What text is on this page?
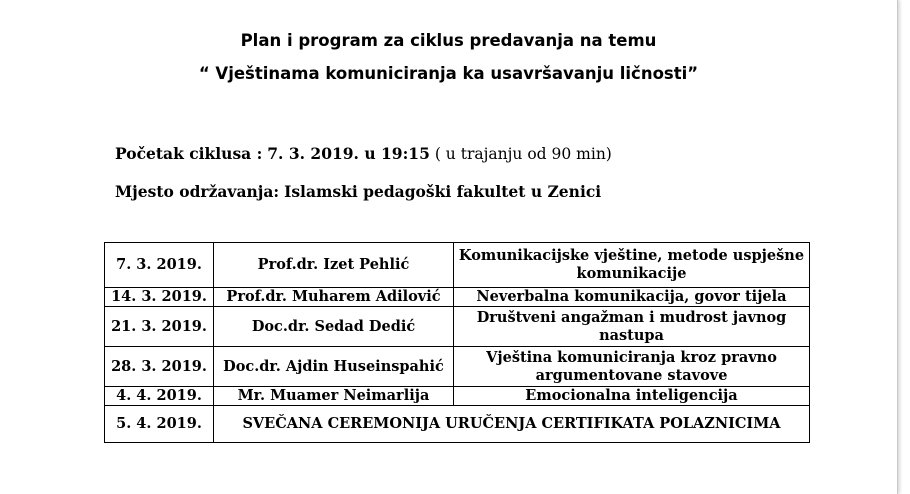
Plan i program za ciklus predavanja na temu
“ Vještinama komuniciranja ka usavršavanju ličnosti”
Početak ciklusa : 7. 3. 2019. u 19:15 ( u trajanju od 90 min)
Mjesto održavanja: Islamski pedagoški fakultet u Zenici
7. 3. 2019.	Prof.dr. Izet Pehlić	Komunikacijske vještine, metode uspješne komunikacije
14. 3. 2019.	Prof.dr. Muharem Adilović	Neverbalna komunikacija, govor tijela
21. 3. 2019.	Doc.dr. Sedad Dedić	Društveni angažman i mudrost javnog nastupa
28. 3. 2019.	Doc.dr. Ajdin Huseinspahić	Vještina komuniciranja kroz pravno argumentovane stavove
4. 4. 2019.	Mr. Muamer Neimarlija	Emocionalna inteligencija
5. 4. 2019.	SVEČANA CEREMONIJA URUČENJA CERTIFIKATA POLAZNICIMA	
